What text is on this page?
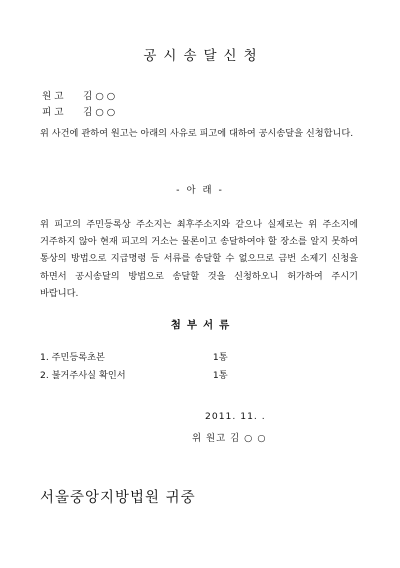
공시송달신청
원고 김 ○ ○
피고 김 ○ ○
위 사건에 관하여 원고는 아래의 사유로 피고에 대하여 공시송달을 신청합니다.
- 아 래 -
위 피고의 주민등록상 주소지는 최후주소지와 같으나 실제로는 위 주소지에 거주하지 않아 현재 피고의 거소는 물론이고 송달하여야 할 장소를 알지 못하여 통상의 방법으로 지급명령 등 서류를 송달할 수 없으므로 금번 소제기 신청을 하면서 공시송달의 방법으로 송달할 것을 신청하오니 허가하여 주시기 바랍니다.
첨부서류
1. 주민등록초본	1통
2. 불거주사실 확인서	1통
2011. 11. .
위 원고 김 ○ ○
서울중앙지방법원 귀중
